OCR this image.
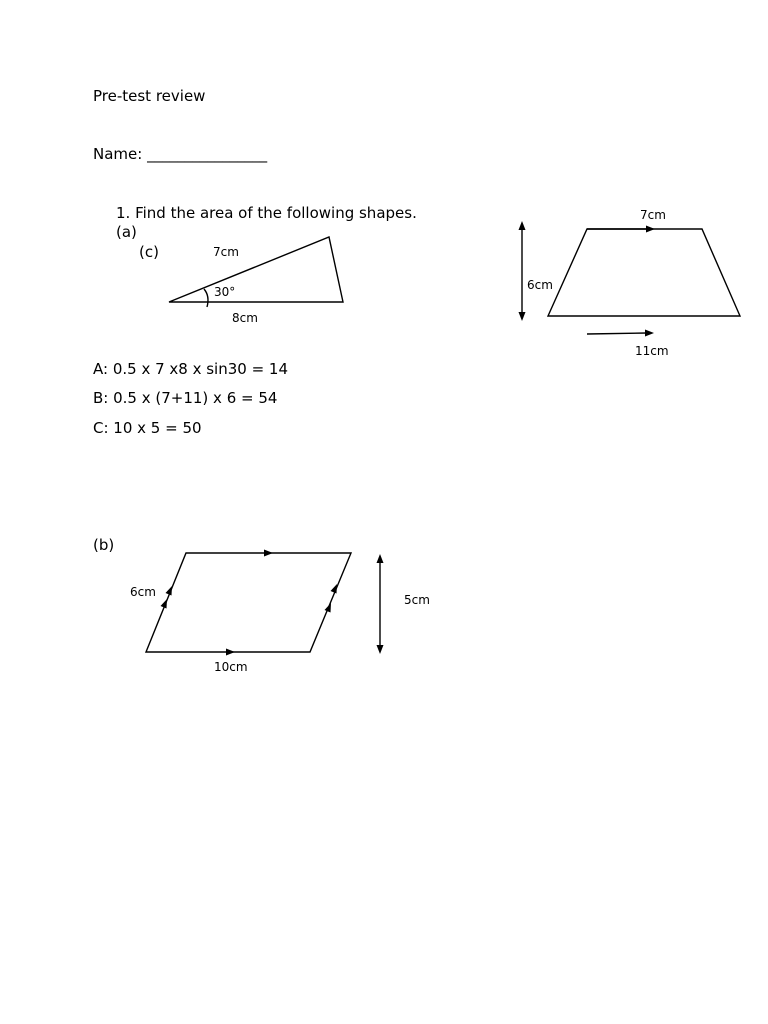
Pre-test review
Name: ________________
1. Find the area of the following shapes.
(a)
(c)	7cm
30°
8cm
7cm
6cm
11cm
A: 0.5 x 7 x8 x sin30 = 14
B: 0.5 x (7+11) x 6 = 54
C: 10 x 5 = 50
(b)
6cm
5cm
10cm
